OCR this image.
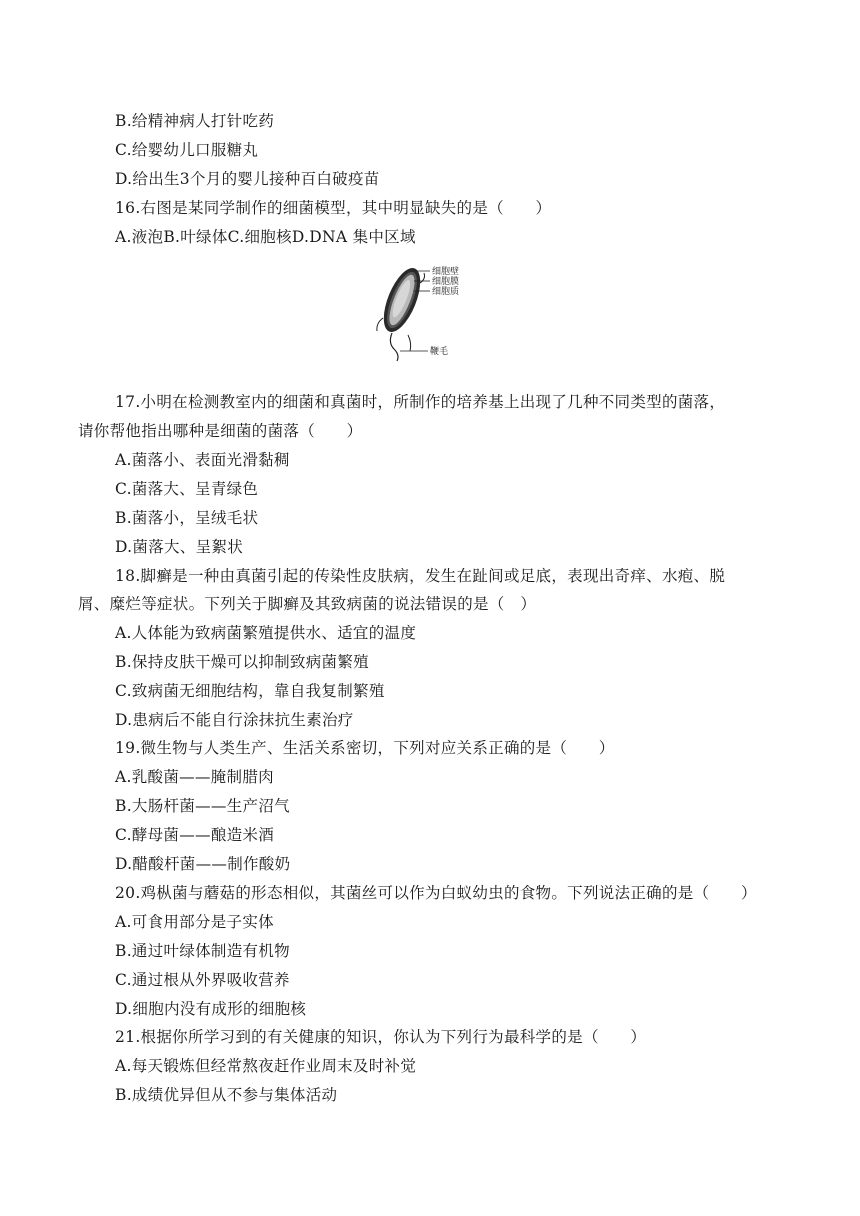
B.给精神病人打针吃药
C.给婴幼儿口服糖丸
D.给出生3个月的婴儿接种百白破疫苗
16.右图是某同学制作的细菌模型，其中明显缺失的是（　　）
A.液泡B.叶绿体C.细胞核D.DNA 集中区域
细胞壁
细胞膜
细胞质
鞭毛
17.小明在检测教室内的细菌和真菌时，所制作的培养基上出现了几种不同类型的菌落，
请你帮他指出哪种是细菌的菌落（　　）
A.菌落小、表面光滑黏稠
C.菌落大、呈青绿色
B.菌落小，呈绒毛状
D.菌落大、呈絮状
18.脚癣是一种由真菌引起的传染性皮肤病，发生在趾间或足底，表现出奇痒、水疱、脱
屑、糜烂等症状。下列关于脚癣及其致病菌的说法错误的是（　）
A.人体能为致病菌繁殖提供水、适宜的温度
B.保持皮肤干燥可以抑制致病菌繁殖
C.致病菌无细胞结构，靠自我复制繁殖
D.患病后不能自行涂抹抗生素治疗
19.微生物与人类生产、生活关系密切，下列对应关系正确的是（　　）
A.乳酸菌——腌制腊肉
B.大肠杆菌——生产沼气
C.酵母菌——酿造米酒
D.醋酸杆菌——制作酸奶
20.鸡枞菌与蘑菇的形态相似，其菌丝可以作为白蚁幼虫的食物。下列说法正确的是（　　）
A.可食用部分是子实体
B.通过叶绿体制造有机物
C.通过根从外界吸收营养
D.细胞内没有成形的细胞核
21.根据你所学习到的有关健康的知识，你认为下列行为最科学的是（　　）
A.每天锻炼但经常熬夜赶作业周末及时补觉
B.成绩优异但从不参与集体活动
